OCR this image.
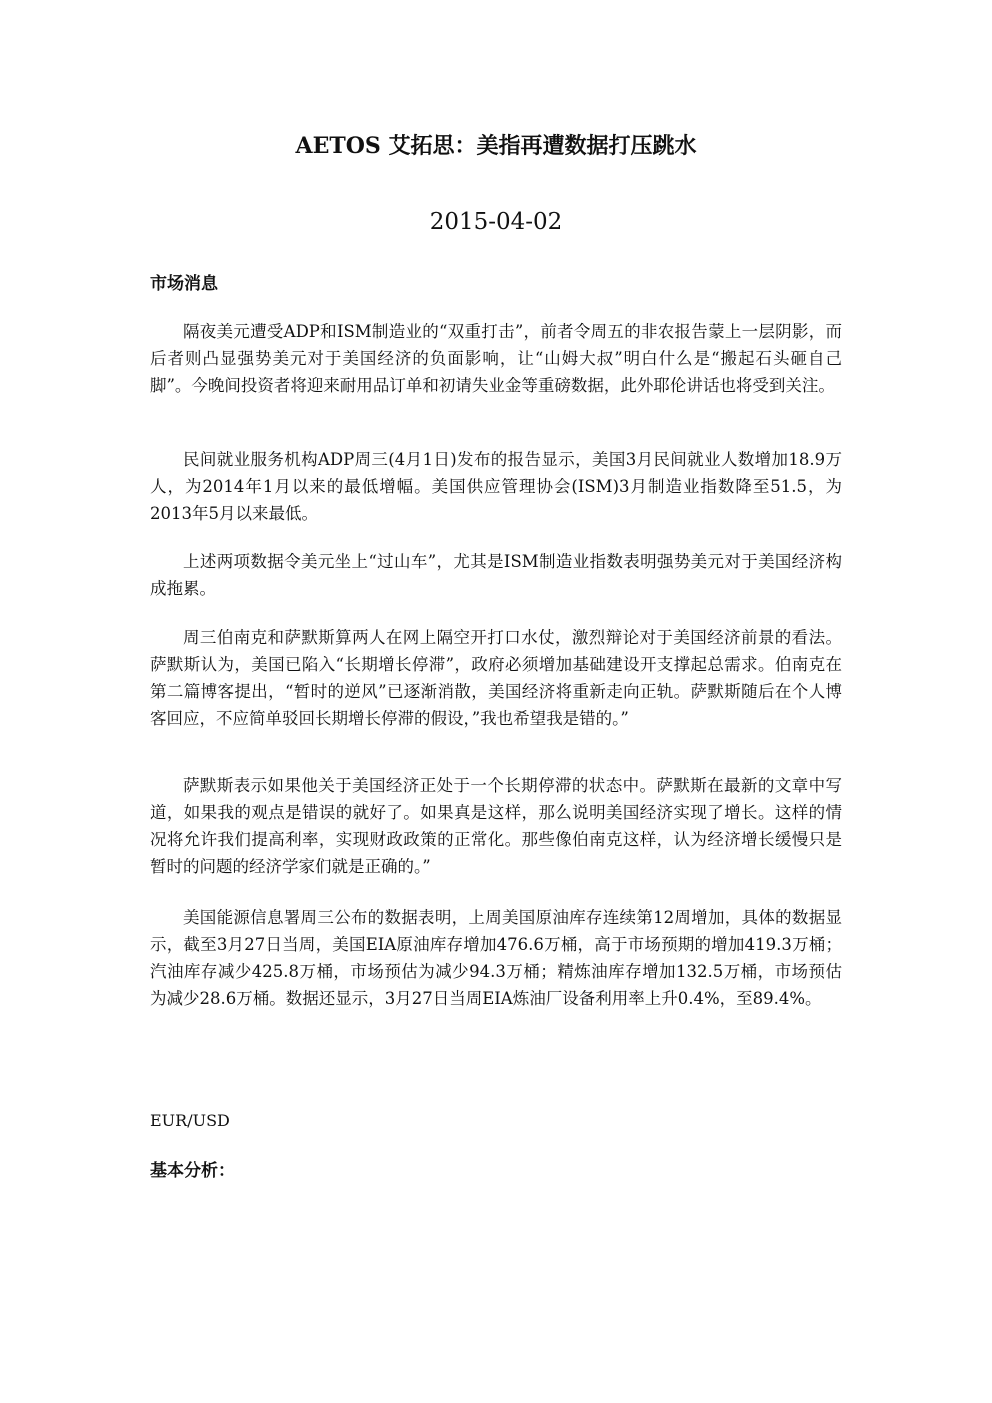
AETOS 艾拓思：美指再遭数据打压跳水
2015-04-02
市场消息

隔夜美元遭受ADP和ISM制造业的“双重打击”，前者令周五的非农报告蒙上一层阴影，而后者则凸显强势美元对于美国经济的负面影响，让“山姆大叔”明白什么是“搬起石头砸自己脚”。今晚间投资者将迎来耐用品订单和初请失业金等重磅数据，此外耶伦讲话也将受到关注。

民间就业服务机构ADP周三(4月1日)发布的报告显示，美国3月民间就业人数增加18.9万人，为2014年1月以来的最低增幅。美国供应管理协会(ISM)3月制造业指数降至51.5，为2013年5月以来最低。

上述两项数据令美元坐上“过山车”，尤其是ISM制造业指数表明强势美元对于美国经济构成拖累。

周三伯南克和萨默斯算两人在网上隔空开打口水仗，激烈辩论对于美国经济前景的看法。萨默斯认为，美国已陷入“长期增长停滞”，政府必须增加基础建设开支撑起总需求。伯南克在第二篇博客提出，“暂时的逆风”已逐渐消散，美国经济将重新走向正轨。萨默斯随后在个人博客回应，不应简单驳回长期增长停滞的假设，”我也希望我是错的。”

萨默斯表示如果他关于美国经济正处于一个长期停滞的状态中。萨默斯在最新的文章中写道，如果我的观点是错误的就好了。如果真是这样，那么说明美国经济实现了增长。这样的情况将允许我们提高利率，实现财政政策的正常化。那些像伯南克这样，认为经济增长缓慢只是暂时的问题的经济学家们就是正确的。”

美国能源信息署周三公布的数据表明，上周美国原油库存连续第12周增加，具体的数据显示，截至3月27日当周，美国EIA原油库存增加476.6万桶，高于市场预期的增加419.3万桶；汽油库存减少425.8万桶，市场预估为减少94.3万桶；精炼油库存增加132.5万桶，市场预估为减少28.6万桶。数据还显示，3月27日当周EIA炼油厂设备利用率上升0.4%，至89.4%。

EUR/USD
基本分析：
